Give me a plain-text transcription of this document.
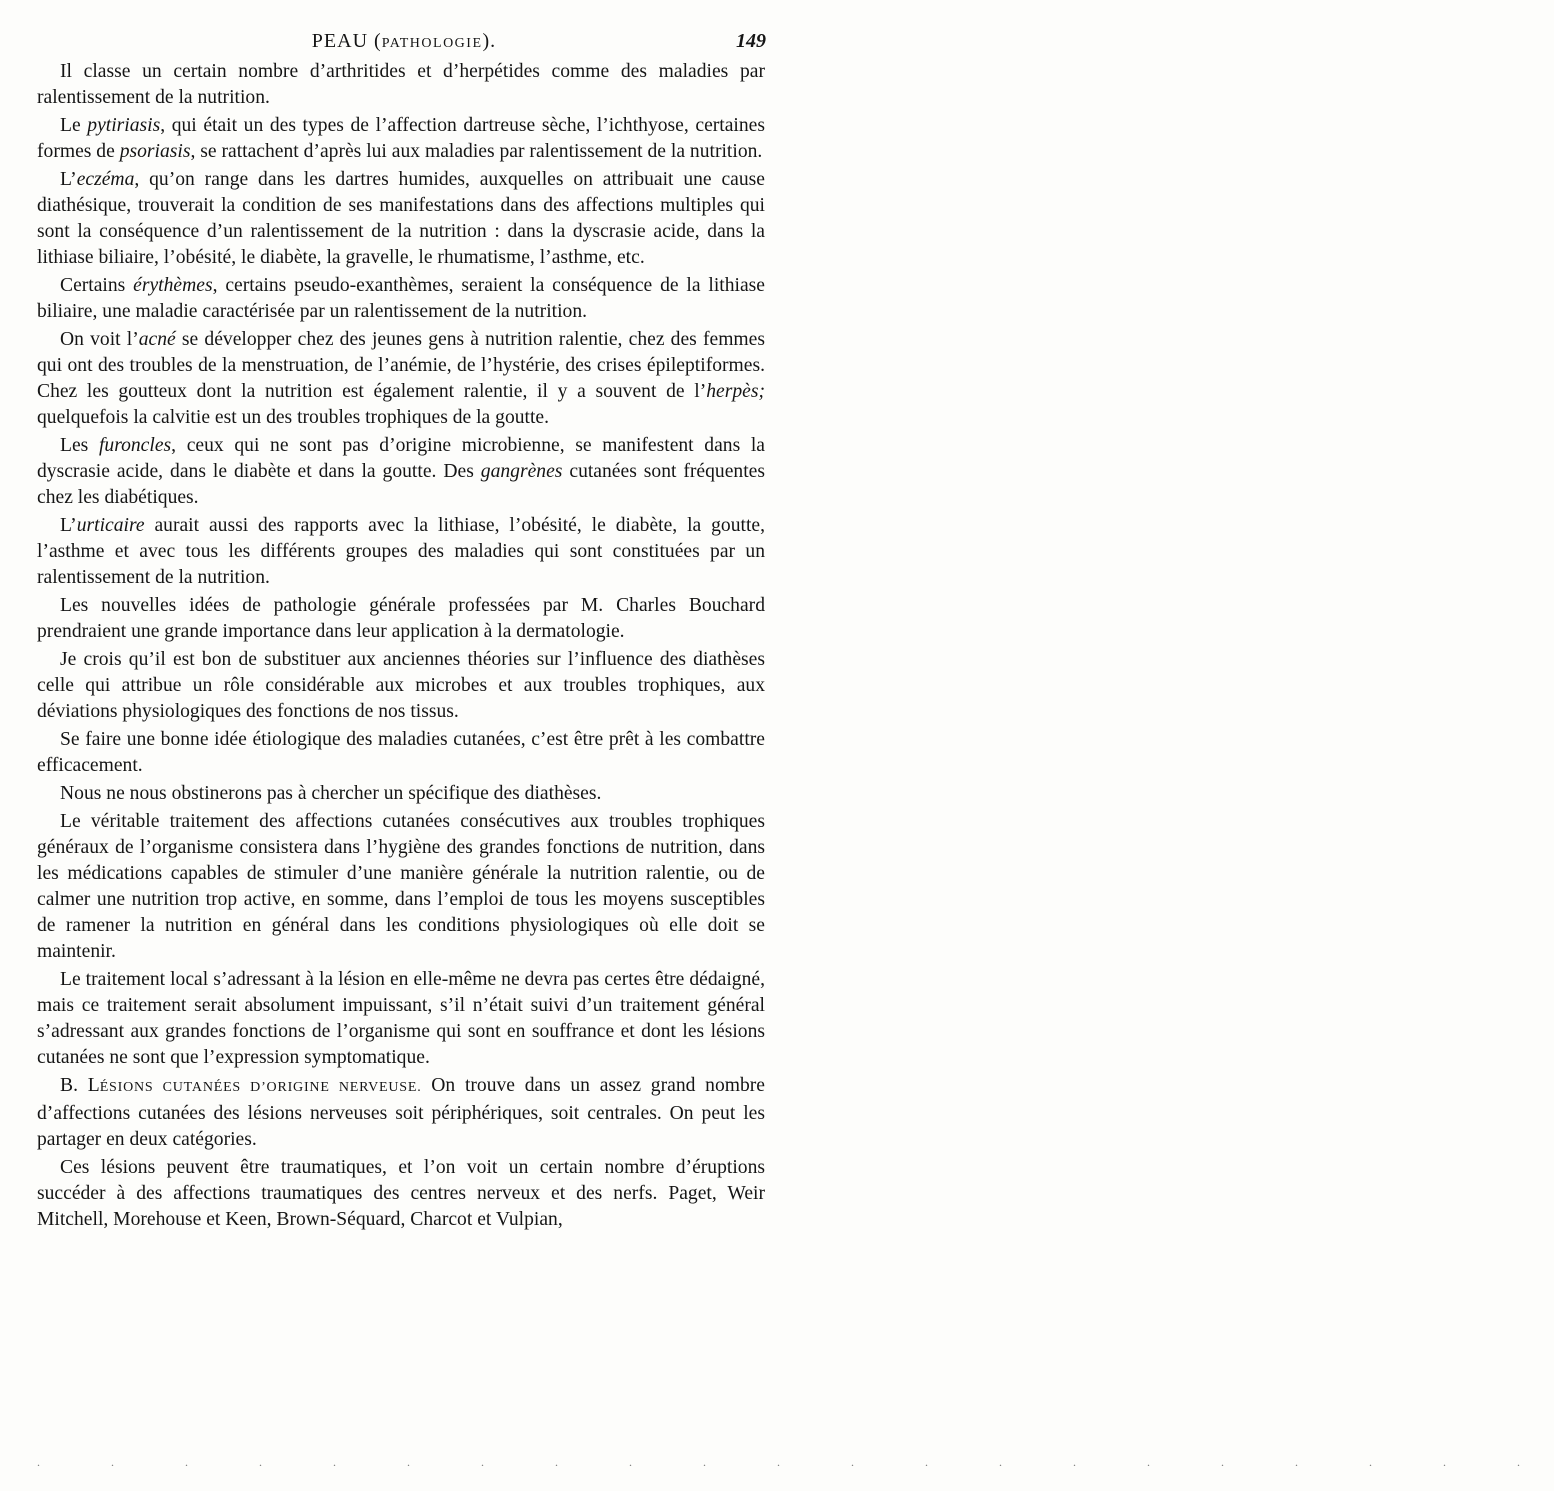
PEAU (PATHOLOGIE).	149

Il classe un certain nombre d’arthritides et d’herpétides comme des maladies par ralentissement de la nutrition.

Le pytiriasis, qui était un des types de l’affection dartreuse sèche, l’ichthyose, certaines formes de psoriasis, se rattachent d’après lui aux maladies par ralentissement de la nutrition.

L’eczéma, qu’on range dans les dartres humides, auxquelles on attribuait une cause diathésique, trouverait la condition de ses manifestations dans des affections multiples qui sont la conséquence d’un ralentissement de la nutrition : dans la dyscrasie acide, dans la lithiase biliaire, l’obésité, le diabète, la gravelle, le rhumatisme, l’asthme, etc.

Certains érythèmes, certains pseudo-exanthèmes, seraient la conséquence de la lithiase biliaire, une maladie caractérisée par un ralentissement de la nutrition.

On voit l’acné se développer chez des jeunes gens à nutrition ralentie, chez des femmes qui ont des troubles de la menstruation, de l’anémie, de l’hystérie, des crises épileptiformes. Chez les goutteux dont la nutrition est également ralentie, il y a souvent de l’herpès; quelquefois la calvitie est un des troubles trophiques de la goutte.

Les furoncles, ceux qui ne sont pas d’origine microbienne, se manifestent dans la dyscrasie acide, dans le diabète et dans la goutte. Des gangrènes cutanées sont fréquentes chez les diabétiques.

L’urticaire aurait aussi des rapports avec la lithiase, l’obésité, le diabète, la goutte, l’asthme et avec tous les différents groupes des maladies qui sont constituées par un ralentissement de la nutrition.

Les nouvelles idées de pathologie générale professées par M. Charles Bouchard prendraient une grande importance dans leur application à la dermatologie.

Je crois qu’il est bon de substituer aux anciennes théories sur l’influence des diathèses celle qui attribue un rôle considérable aux microbes et aux troubles trophiques, aux déviations physiologiques des fonctions de nos tissus.

Se faire une bonne idée étiologique des maladies cutanées, c’est être prêt à les combattre efficacement.

Nous ne nous obstinerons pas à chercher un spécifique des diathèses.

Le véritable traitement des affections cutanées consécutives aux troubles trophiques généraux de l’organisme consistera dans l’hygiène des grandes fonctions de nutrition, dans les médications capables de stimuler d’une manière générale la nutrition ralentie, ou de calmer une nutrition trop active, en somme, dans l’emploi de tous les moyens susceptibles de ramener la nutrition en général dans les conditions physiologiques où elle doit se maintenir.

Le traitement local s’adressant à la lésion en elle-même ne devra pas certes être dédaigné, mais ce traitement serait absolument impuissant, s’il n’était suivi d’un traitement général s’adressant aux grandes fonctions de l’organisme qui sont en souffrance et dont les lésions cutanées ne sont que l’expression symptomatique.

B. LÉSIONS CUTANÉES D’ORIGINE NERVEUSE. On trouve dans un assez grand nombre d’affections cutanées des lésions nerveuses soit périphériques, soit centrales. On peut les partager en deux catégories.

Ces lésions peuvent être traumatiques, et l’on voit un certain nombre d’éruptions succéder à des affections traumatiques des centres nerveux et des nerfs. Paget, Weir Mitchell, Morehouse et Keen, Brown-Séquard, Charcot et Vulpian,

. . . . . . . . . . . . . . . . . . . . .
